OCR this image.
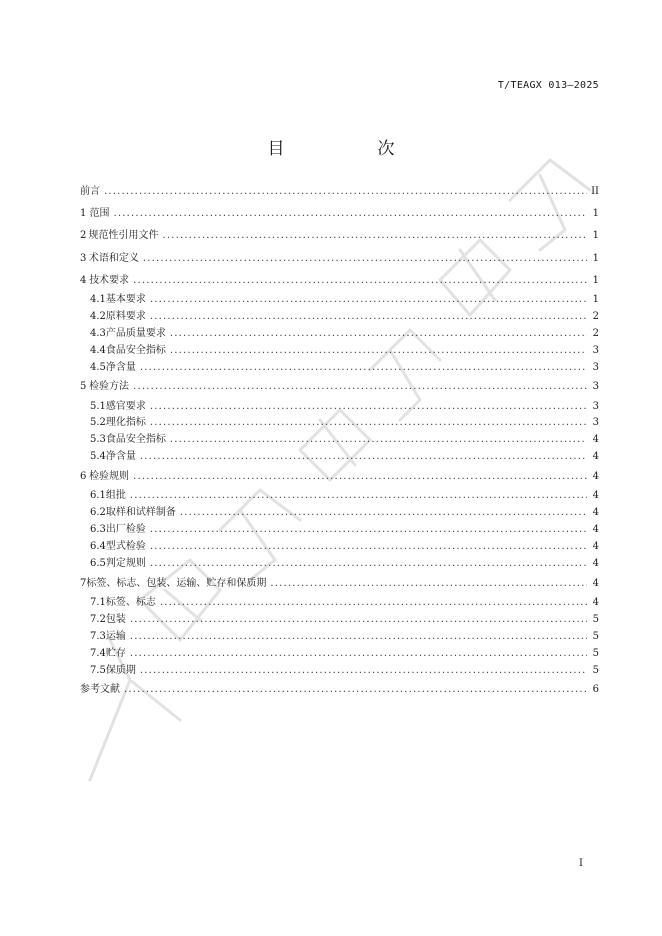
T/TEAGX 013—2025
目　次
前言 .....	II
1 范围 .....	1
2 规范性引用文件 .....	1
3 术语和定义 .....	1
4 技术要求 .....	1
4.1 基本要求 .....	1
4.2 原料要求 .....	2
4.3 产品质量要求 .....	2
4.4 食品安全指标 .....	3
4.5 净含量 .....	3
5 检验方法 .....	3
5.1 感官要求 .....	3
5.2 理化指标 .....	3
5.3 食品安全指标 .....	4
5.4 净含量 .....	4
6 检验规则 .....	4
6.1 组批 .....	4
6.2 取样和试样制备 .....	4
6.3 出厂检验 .....	4
6.4 型式检验 .....	4
6.5 判定规则 .....	4
7 标签、标志、包装、运输、贮存和保质期 .....	4
7.1 标签、标志 .....	4
7.2 包装 .....	5
7.3 运输 .....	5
7.4 贮存 .....	5
7.5 保质期 .....	5
参考文献 .....	6
I
